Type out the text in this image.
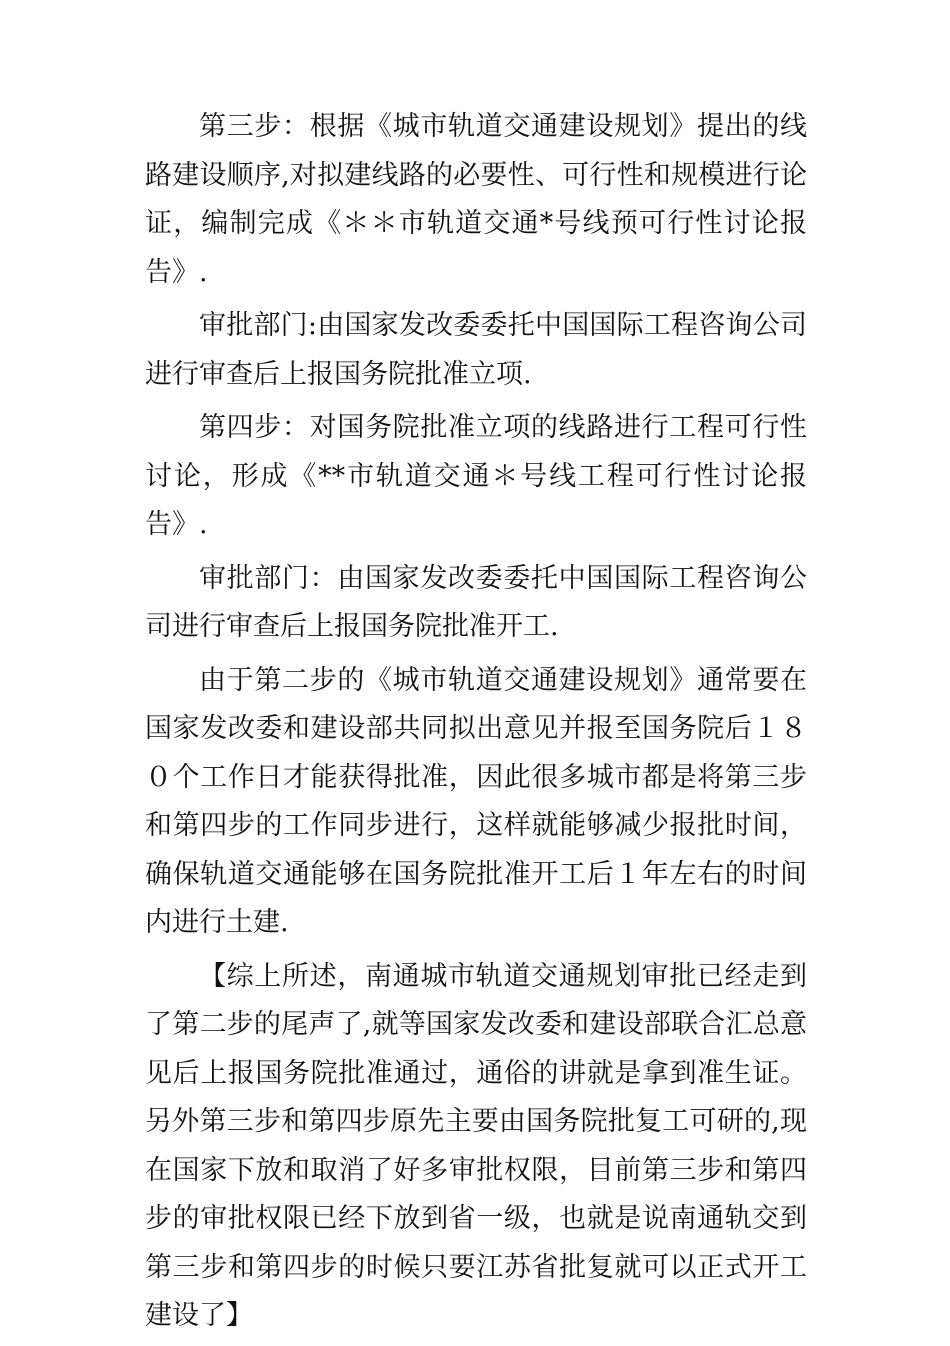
第三步：根据《城市轨道交通建设规划》提出的线路建设顺序,对拟建线路的必要性、可行性和规模进行论证，编制完成《＊＊市轨道交通*号线预可行性讨论报告》.

审批部门:由国家发改委委托中国国际工程咨询公司进行审查后上报国务院批准立项.

第四步：对国务院批准立项的线路进行工程可行性讨论，形成《**市轨道交通＊号线工程可行性讨论报告》.

审批部门：由国家发改委委托中国国际工程咨询公司进行审查后上报国务院批准开工.

由于第二步的《城市轨道交通建设规划》通常要在国家发改委和建设部共同拟出意见并报至国务院后１８０个工作日才能获得批准，因此很多城市都是将第三步和第四步的工作同步进行，这样就能够减少报批时间，确保轨道交通能够在国务院批准开工后１年左右的时间内进行土建.

【综上所述，南通城市轨道交通规划审批已经走到了第二步的尾声了,就等国家发改委和建设部联合汇总意见后上报国务院批准通过，通俗的讲就是拿到准生证。另外第三步和第四步原先主要由国务院批复工可研的,现在国家下放和取消了好多审批权限，目前第三步和第四步的审批权限已经下放到省一级，也就是说南通轨交到第三步和第四步的时候只要江苏省批复就可以正式开工建设了】
